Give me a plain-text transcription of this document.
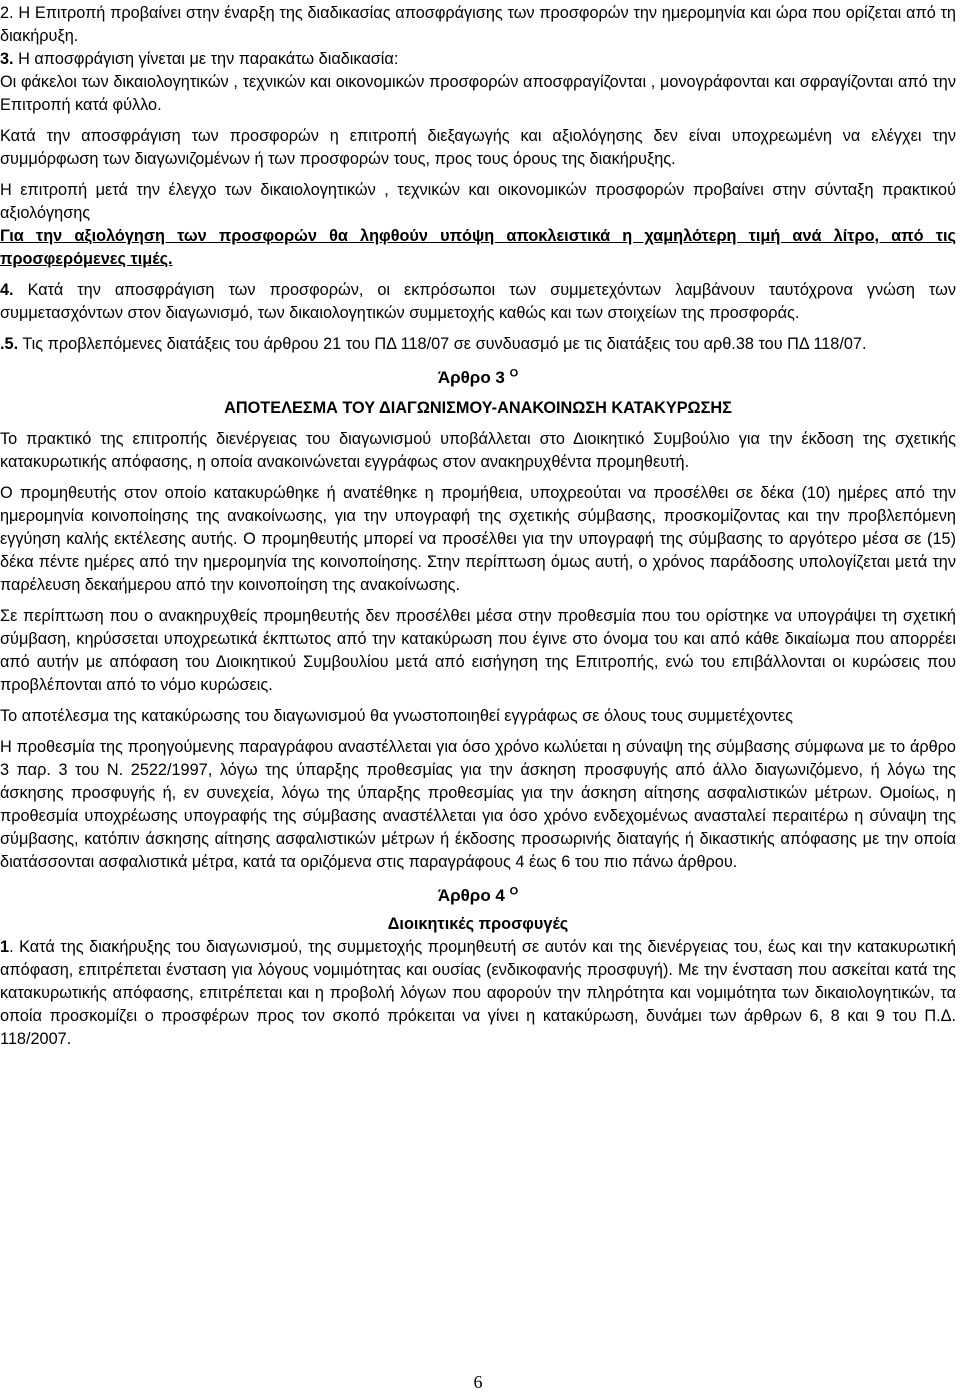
2. Η Επιτροπή προβαίνει στην έναρξη της διαδικασίας αποσφράγισης των προσφορών την ημερομηνία και ώρα που ορίζεται από τη διακήρυξη.

3. Η αποσφράγιση γίνεται με την παρακάτω διαδικασία:

Οι φάκελοι των δικαιολογητικών , τεχνικών και οικονομικών προσφορών αποσφραγίζονται , μονογράφονται και σφραγίζονται από την Επιτροπή κατά φύλλο.

Κατά την αποσφράγιση των προσφορών η επιτροπή διεξαγωγής και αξιολόγησης δεν είναι υποχρεωμένη να ελέγχει την συμμόρφωση των διαγωνιζομένων ή των προσφορών τους, προς τους όρους της διακήρυξης.

Η επιτροπή μετά την έλεγχο των δικαιολογητικών , τεχνικών και οικονομικών προσφορών προβαίνει στην σύνταξη πρακτικού αξιολόγησης

Για την αξιολόγηση των προσφορών θα ληφθούν υπόψη αποκλειστικά η χαμηλότερη τιμή ανά λίτρο, από τις προσφερόμενες τιμές.

4. Κατά την αποσφράγιση των προσφορών, οι εκπρόσωποι των συμμετεχόντων λαμβάνουν ταυτόχρονα γνώση των συμμετασχόντων στον διαγωνισμό, των δικαιολογητικών συμμετοχής καθώς και των στοιχείων της προσφοράς.

.5. Τις προβλεπόμενες διατάξεις του άρθρου 21 του ΠΔ 118/07 σε συνδυασμό με τις διατάξεις του αρθ.38 του ΠΔ 118/07.

Άρθρο 3 $^O$

ΑΠΟΤΕΛΕΣΜΑ ΤΟΥ ΔΙΑΓΩΝΙΣΜΟΥ-ΑΝΑΚΟΙΝΩΣΗ ΚΑΤΑΚΥΡΩΣΗΣ

Το πρακτικό της επιτροπής διενέργειας του διαγωνισμού υποβάλλεται στο Διοικητικό Συμβούλιο για την έκδοση της σχετικής κατακυρωτικής απόφασης, η οποία ανακοινώνεται εγγράφως στον ανακηρυχθέντα προμηθευτή.

Ο προμηθευτής στον οποίο κατακυρώθηκε ή ανατέθηκε η προμήθεια, υποχρεούται να προσέλθει σε δέκα (10) ημέρες από την ημερομηνία κοινοποίησης της ανακοίνωσης, για την υπογραφή της σχετικής σύμβασης, προσκομίζοντας και την προβλεπόμενη εγγύηση καλής εκτέλεσης αυτής. Ο προμηθευτής μπορεί να προσέλθει για την υπογραφή της σύμβασης το αργότερο μέσα σε (15) δέκα πέντε ημέρες από την ημερομηνία της κοινοποίησης. Στην περίπτωση όμως αυτή, ο χρόνος παράδοσης υπολογίζεται μετά την παρέλευση δεκαήμερου από την κοινοποίηση της ανακοίνωσης.

Σε περίπτωση που ο ανακηρυχθείς προμηθευτής δεν προσέλθει μέσα στην προθεσμία που του ορίστηκε να υπογράψει τη σχετική σύμβαση, κηρύσσεται υποχρεωτικά έκπτωτος από την κατακύρωση που έγινε στο όνομα του και από κάθε δικαίωμα που απορρέει από αυτήν με απόφαση του Διοικητικού Συμβουλίου μετά από εισήγηση της Επιτροπής, ενώ του επιβάλλονται οι κυρώσεις που προβλέπονται από το νόμο κυρώσεις.

Το αποτέλεσμα της κατακύρωσης του διαγωνισμού θα γνωστοποιηθεί εγγράφως σε όλους τους συμμετέχοντες

Η προθεσμία της προηγούμενης παραγράφου αναστέλλεται για όσο χρόνο κωλύεται η σύναψη της σύμβασης σύμφωνα με το άρθρο 3 παρ. 3 του Ν. 2522/1997, λόγω της ύπαρξης προθεσμίας για την άσκηση προσφυγής από άλλο διαγωνιζόμενο, ή λόγω της άσκησης προσφυγής ή, εν συνεχεία, λόγω της ύπαρξης προθεσμίας για την άσκηση αίτησης ασφαλιστικών μέτρων. Ομοίως, η προθεσμία υποχρέωσης υπογραφής της σύμβασης αναστέλλεται για όσο χρόνο ενδεχομένως ανασταλεί περαιτέρω η σύναψη της σύμβασης, κατόπιν άσκησης αίτησης ασφαλιστικών μέτρων ή έκδοσης προσωρινής διαταγής ή δικαστικής απόφασης με την οποία διατάσσονται ασφαλιστικά μέτρα, κατά τα οριζόμενα στις παραγράφους 4 έως 6 του πιο πάνω άρθρου.

Άρθρο 4 $^O$

Διοικητικές προσφυγές

1. Κατά της διακήρυξης του διαγωνισμού, της συμμετοχής προμηθευτή σε αυτόν και της διενέργειας του, έως και την κατακυρωτική απόφαση, επιτρέπεται ένσταση για λόγους νομιμότητας και ουσίας (ενδικοφανής προσφυγή). Με την ένσταση που ασκείται κατά της κατακυρωτικής απόφασης, επιτρέπεται και η προβολή λόγων που αφορούν την πληρότητα και νομιμότητα των δικαιολογητικών, τα οποία προσκομίζει ο προσφέρων προς τον σκοπό πρόκειται να γίνει η κατακύρωση, δυνάμει των άρθρων 6, 8 και 9 του Π.Δ. 118/2007.

6
